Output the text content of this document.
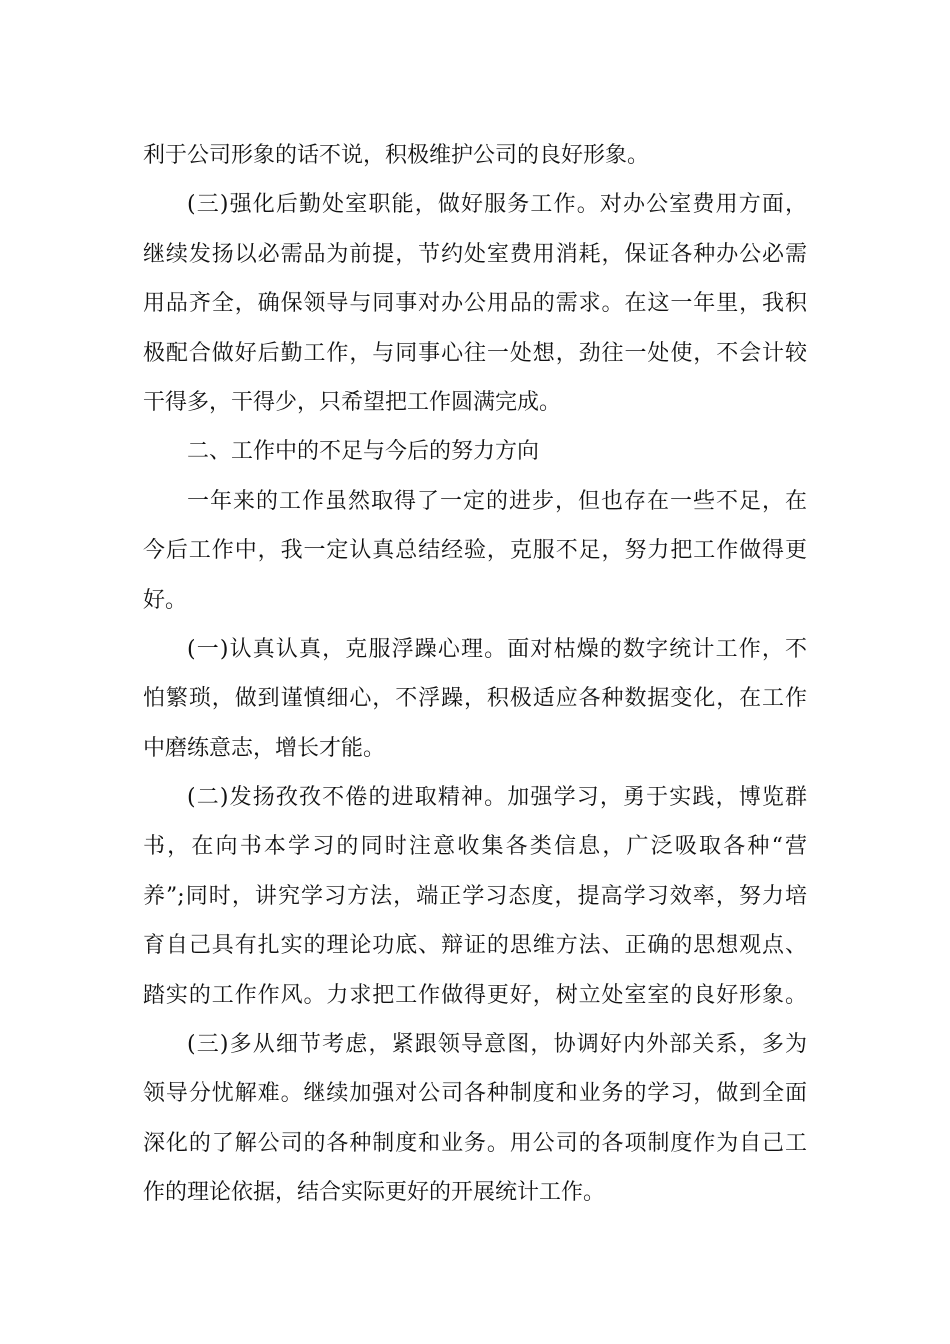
利于公司形象的话不说，积极维护公司的良好形象。
(三)强化后勤处室职能，做好服务工作。对办公室费用方面，
继续发扬以必需品为前提，节约处室费用消耗，保证各种办公必需
用品齐全，确保领导与同事对办公用品的需求。在这一年里，我积
极配合做好后勤工作，与同事心往一处想，劲往一处使，不会计较
干得多，干得少，只希望把工作圆满完成。
二、工作中的不足与今后的努力方向
一年来的工作虽然取得了一定的进步，但也存在一些不足，在
今后工作中，我一定认真总结经验，克服不足，努力把工作做得更
好。
(一)认真认真，克服浮躁心理。面对枯燥的数字统计工作，不
怕繁琐，做到谨慎细心，不浮躁，积极适应各种数据变化，在工作
中磨练意志，增长才能。
(二)发扬孜孜不倦的进取精神。加强学习，勇于实践，博览群
书，在向书本学习的同时注意收集各类信息，广泛吸取各种“营
养”;同时，讲究学习方法，端正学习态度，提高学习效率，努力培
育自己具有扎实的理论功底、辩证的思维方法、正确的思想观点、
踏实的工作作风。力求把工作做得更好，树立处室室的良好形象。
(三)多从细节考虑，紧跟领导意图，协调好内外部关系，多为
领导分忧解难。继续加强对公司各种制度和业务的学习，做到全面
深化的了解公司的各种制度和业务。用公司的各项制度作为自己工
作的理论依据，结合实际更好的开展统计工作。
